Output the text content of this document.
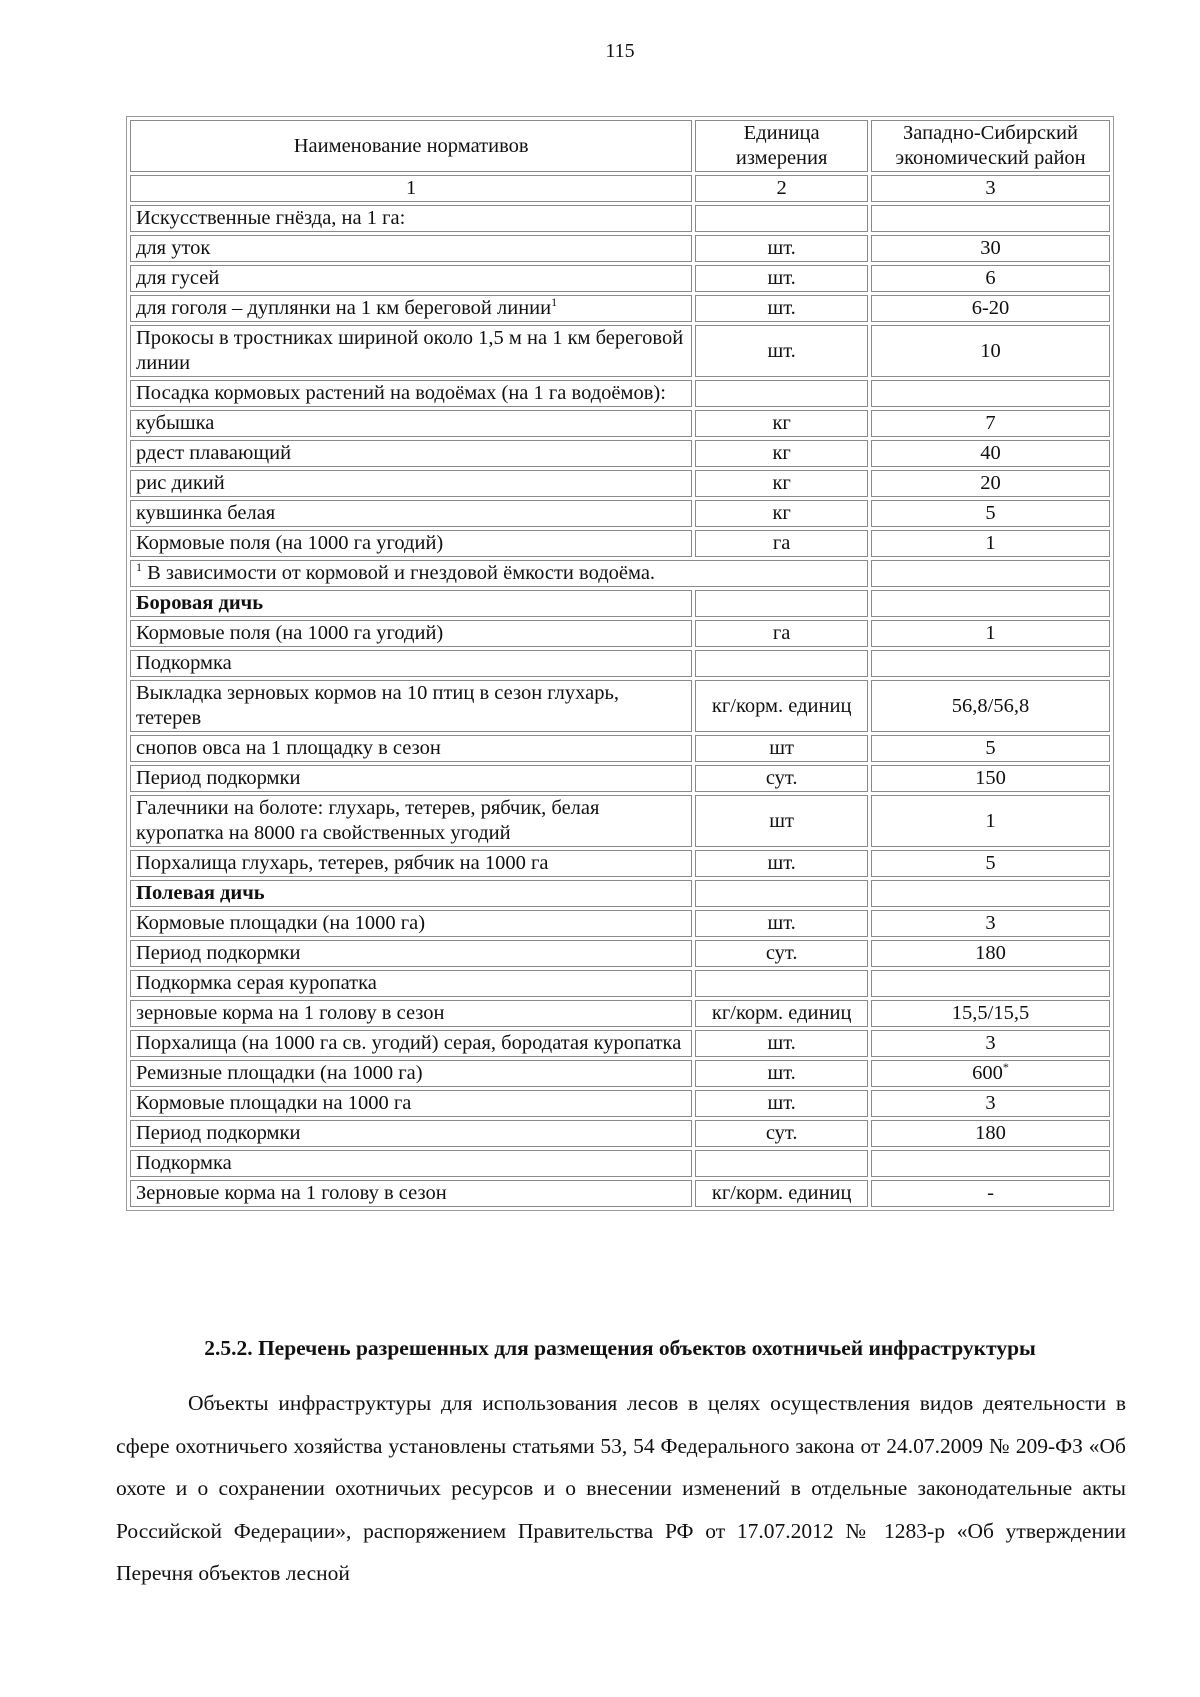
115
Наименование нормативов	Единица измерения	Западно-Сибирский экономический район
1	2	3
Искусственные гнёзда, на 1 га:		
для уток	шт.	30
для гусей	шт.	6
для гоголя – дуплянки на 1 км береговой линии$^1$	шт.	6-20
Прокосы в тростниках шириной около 1,5 м на 1 км береговой линии	шт.	10
Посадка кормовых растений на водоёмах (на 1 га водоёмов):		
кубышка	кг	7
рдест плавающий	кг	40
рис дикий	кг	20
кувшинка белая	кг	5
Кормовые поля (на 1000 га угодий)	га	1
$^1$ В зависимости от кормовой и гнездовой ёмкости водоёма.		
Боровая дичь		
Кормовые поля (на 1000 га угодий)	га	1
Подкормка		
Выкладка зерновых кормов на 10 птиц в сезон глухарь, тетерев	кг/корм. единиц	56,8/56,8
снопов овса на 1 площадку в сезон	шт	5
Период подкормки	сут.	150
Галечники на болоте: глухарь, тетерев, рябчик, белая куропатка на 8000 га свойственных угодий	шт	1
Порхалища глухарь, тетерев, рябчик на 1000 га	шт.	5
Полевая дичь		
Кормовые площадки (на 1000 га)	шт.	3
Период подкормки	сут.	180
Подкормка серая куропатка		
зерновые корма на 1 голову в сезон	кг/корм. единиц	15,5/15,5
Порхалища (на 1000 га св. угодий) серая, бородатая куропатка	шт.	3
Ремизные площадки (на 1000 га)	шт.	600*
Кормовые площадки на 1000 га	шт.	3
Период подкормки	сут.	180
Подкормка		
Зерновые корма на 1 голову в сезон	кг/корм. единиц	-
2.5.2. Перечень разрешенных для размещения объектов охотничьей инфраструктуры

Объекты инфраструктуры для использования лесов в целях осуществления видов деятельности в сфере охотничьего хозяйства установлены статьями 53, 54 Федерального закона от 24.07.2009 № 209-ФЗ «Об охоте и о сохранении охотничьих ресурсов и о внесении изменений в отдельные законодательные акты Российской Федерации», распоряжением Правительства РФ от 17.07.2012 № 1283-р «Об утверждении Перечня объектов лесной
